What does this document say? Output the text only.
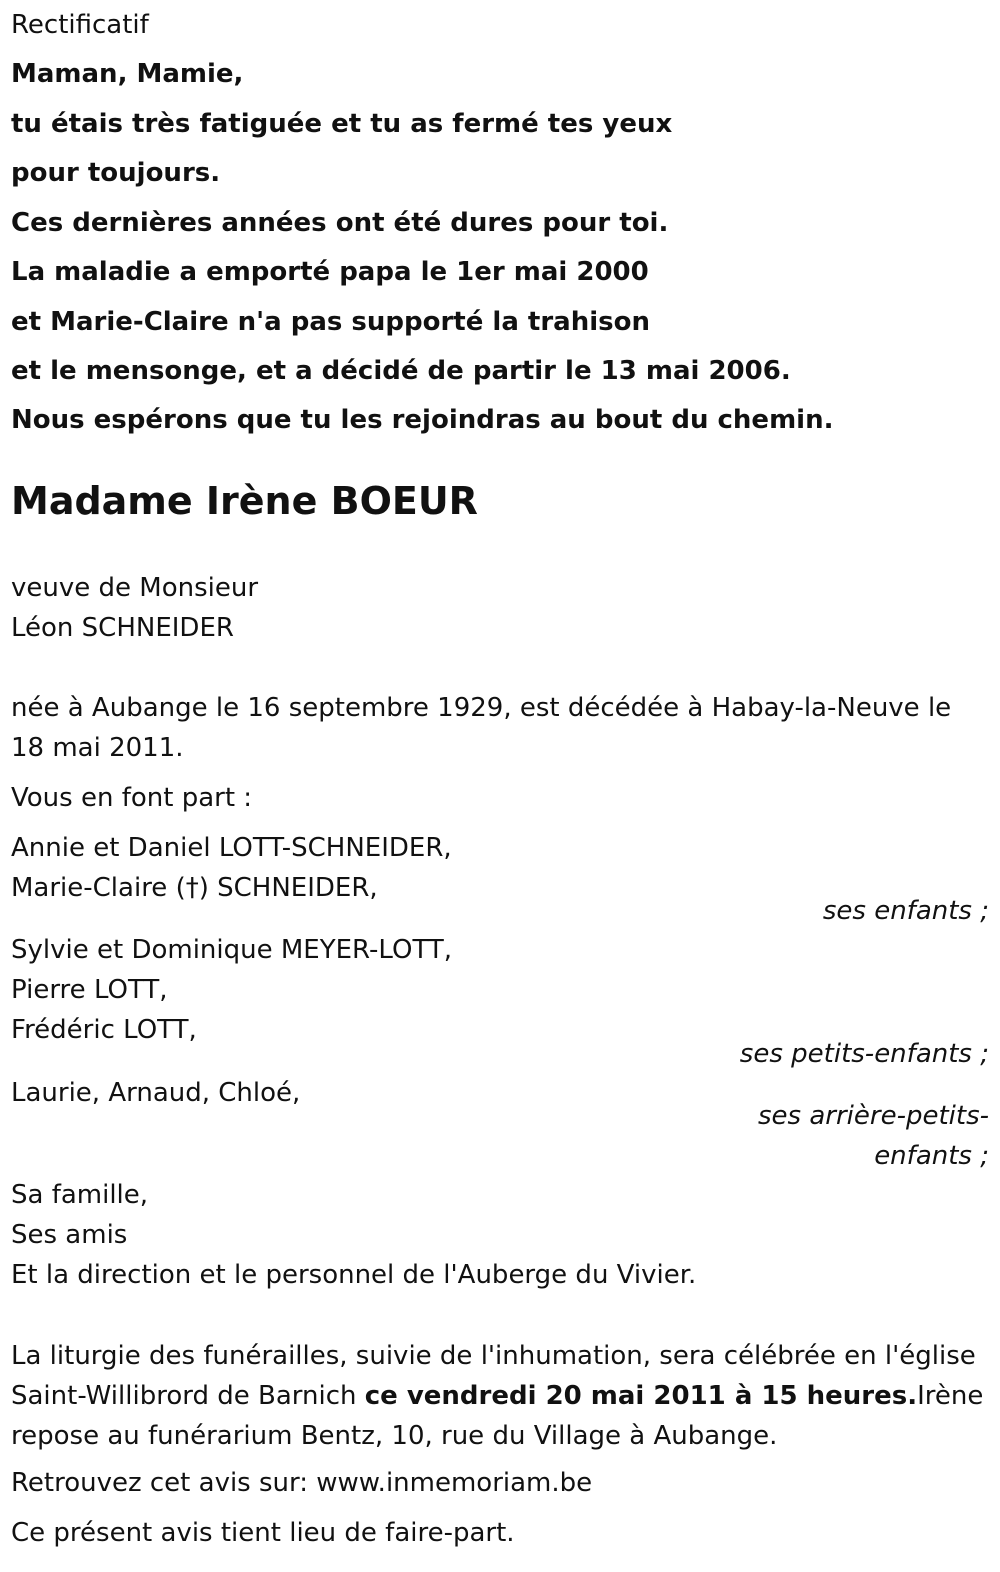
Rectificatif
Maman, Mamie,
tu étais très fatiguée et tu as fermé tes yeux
pour toujours.
Ces dernières années ont été dures pour toi.
La maladie a emporté papa le 1er mai 2000
et Marie-Claire n'a pas supporté la trahison
et le mensonge, et a décidé de partir le 13 mai 2006.
Nous espérons que tu les rejoindras au bout du chemin.
Madame Irène BOEUR
veuve de Monsieur
Léon SCHNEIDER
née à Aubange le 16 septembre 1929, est décédée à Habay-la-Neuve le 18 mai 2011.
Vous en font part :
Annie et Daniel LOTT-SCHNEIDER,
Marie-Claire (†) SCHNEIDER,
ses enfants ;
Sylvie et Dominique MEYER-LOTT,
Pierre LOTT,
Frédéric LOTT,
ses petits-enfants ;
Laurie, Arnaud, Chloé,
ses arrière-petits-
enfants ;
Sa famille,
Ses amis
Et la direction et le personnel de l'Auberge du Vivier.
La liturgie des funérailles, suivie de l'inhumation, sera célébrée en l'église Saint-Willibrord de Barnich ce vendredi 20 mai 2011 à 15 heures.Irène repose au funérarium Bentz, 10, rue du Village à Aubange.
Retrouvez cet avis sur: www.inmemoriam.be
Ce présent avis tient lieu de faire-part.
